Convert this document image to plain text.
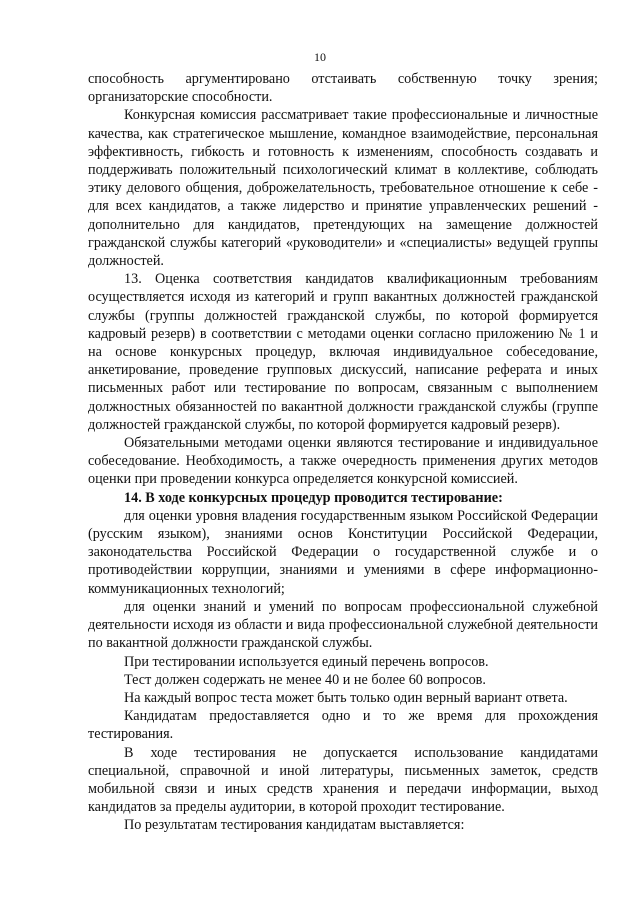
10

способность аргументировано отстаивать собственную точку зрения; организаторские способности.

Конкурсная комиссия рассматривает такие профессиональные и личностные качества, как стратегическое мышление, командное взаимодействие, персональная эффективность, гибкость и готовность к изменениям, способность создавать и поддерживать положительный психологический климат в коллективе, соблюдать этику делового общения, доброжелательность, требовательное отношение к себе - для всех кандидатов, а также лидерство и принятие управленческих решений - дополнительно для кандидатов, претендующих на замещение должностей гражданской службы категорий «руководители» и «специалисты» ведущей группы должностей.

13. Оценка соответствия кандидатов квалификационным требованиям осуществляется исходя из категорий и групп вакантных должностей гражданской службы (группы должностей гражданской службы, по которой формируется кадровый резерв) в соответствии с методами оценки согласно приложению № 1 и на основе конкурсных процедур, включая индивидуальное собеседование, анкетирование, проведение групповых дискуссий, написание реферата и иных письменных работ или тестирование по вопросам, связанным с выполнением должностных обязанностей по вакантной должности гражданской службы (группе должностей гражданской службы, по которой формируется кадровый резерв).

Обязательными методами оценки являются тестирование и индивидуальное собеседование. Необходимость, а также очередность применения других методов оценки при проведении конкурса определяется конкурсной комиссией.

14. В ходе конкурсных процедур проводится тестирование:

для оценки уровня владения государственным языком Российской Федерации (русским языком), знаниями основ Конституции Российской Федерации, законодательства Российской Федерации о государственной службе и о противодействии коррупции, знаниями и умениями в сфере информационно-коммуникационных технологий;

для оценки знаний и умений по вопросам профессиональной служебной деятельности исходя из области и вида профессиональной служебной деятельности по вакантной должности гражданской службы.

При тестировании используется единый перечень вопросов.

Тест должен содержать не менее 40 и не более 60 вопросов.

На каждый вопрос теста может быть только один верный вариант ответа.

Кандидатам предоставляется одно и то же время для прохождения тестирования.

В ходе тестирования не допускается использование кандидатами специальной, справочной и иной литературы, письменных заметок, средств мобильной связи и иных средств хранения и передачи информации, выход кандидатов за пределы аудитории, в которой проходит тестирование.

По результатам тестирования кандидатам выставляется:
